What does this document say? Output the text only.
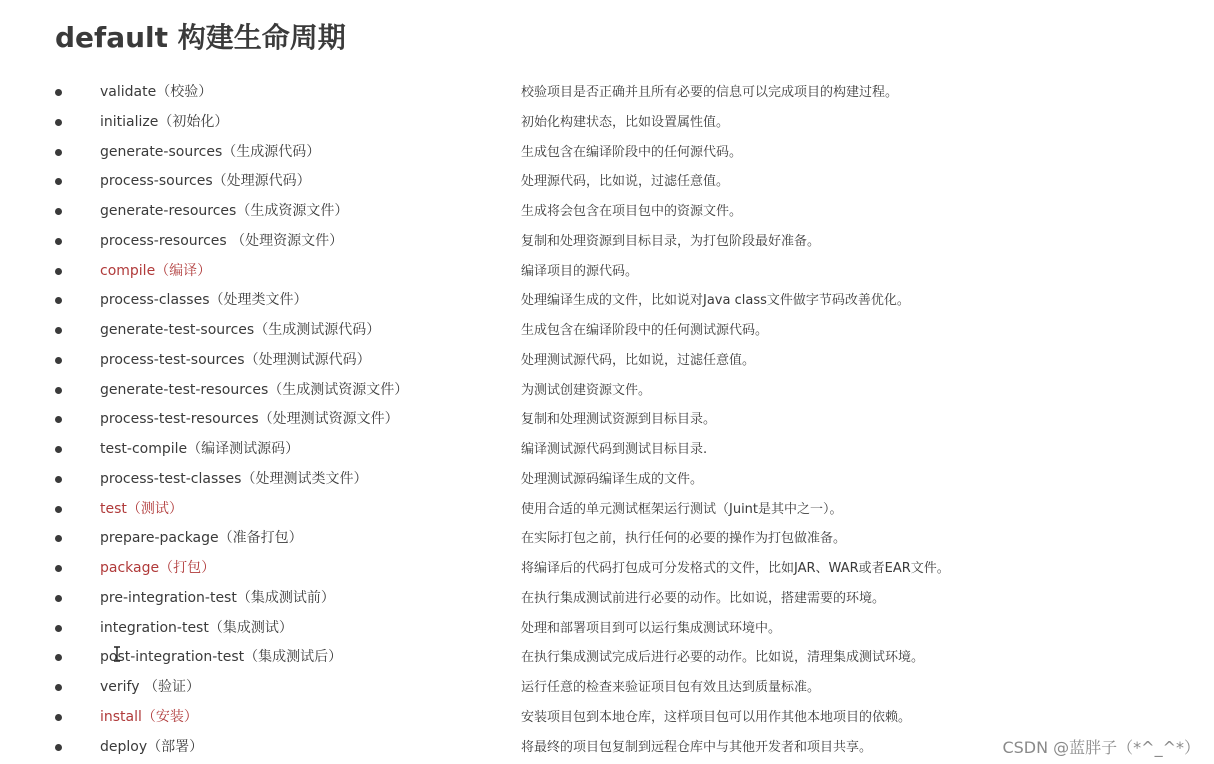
default 构建生命周期
validate（校验）	校验项目是否正确并且所有必要的信息可以完成项目的构建过程。
initialize（初始化）	初始化构建状态，比如设置属性值。
generate-sources（生成源代码）	生成包含在编译阶段中的任何源代码。
process-sources（处理源代码）	处理源代码，比如说，过滤任意值。
generate-resources（生成资源文件）	生成将会包含在项目包中的资源文件。
process-resources （处理资源文件）	复制和处理资源到目标目录，为打包阶段最好准备。
compile（编译）	编译项目的源代码。
process-classes（处理类文件）	处理编译生成的文件，比如说对Java class文件做字节码改善优化。
generate-test-sources（生成测试源代码）	生成包含在编译阶段中的任何测试源代码。
process-test-sources（处理测试源代码）	处理测试源代码，比如说，过滤任意值。
generate-test-resources（生成测试资源文件）	为测试创建资源文件。
process-test-resources（处理测试资源文件）	复制和处理测试资源到目标目录。
test-compile（编译测试源码）	编译测试源代码到测试目标目录.
process-test-classes（处理测试类文件）	处理测试源码编译生成的文件。
test（测试）	使用合适的单元测试框架运行测试（Juint是其中之一）。
prepare-package（准备打包）	在实际打包之前，执行任何的必要的操作为打包做准备。
package（打包）	将编译后的代码打包成可分发格式的文件，比如JAR、WAR或者EAR文件。
pre-integration-test（集成测试前）	在执行集成测试前进行必要的动作。比如说，搭建需要的环境。
integration-test（集成测试）	处理和部署项目到可以运行集成测试环境中。
post-integration-test（集成测试后）	在执行集成测试完成后进行必要的动作。比如说，清理集成测试环境。
verify （验证）	运行任意的检查来验证项目包有效且达到质量标准。
install（安装）	安装项目包到本地仓库，这样项目包可以用作其他本地项目的依赖。
deploy（部署）	将最终的项目包复制到远程仓库中与其他开发者和项目共享。	CSDN @蓝胖子（*^_^*）
